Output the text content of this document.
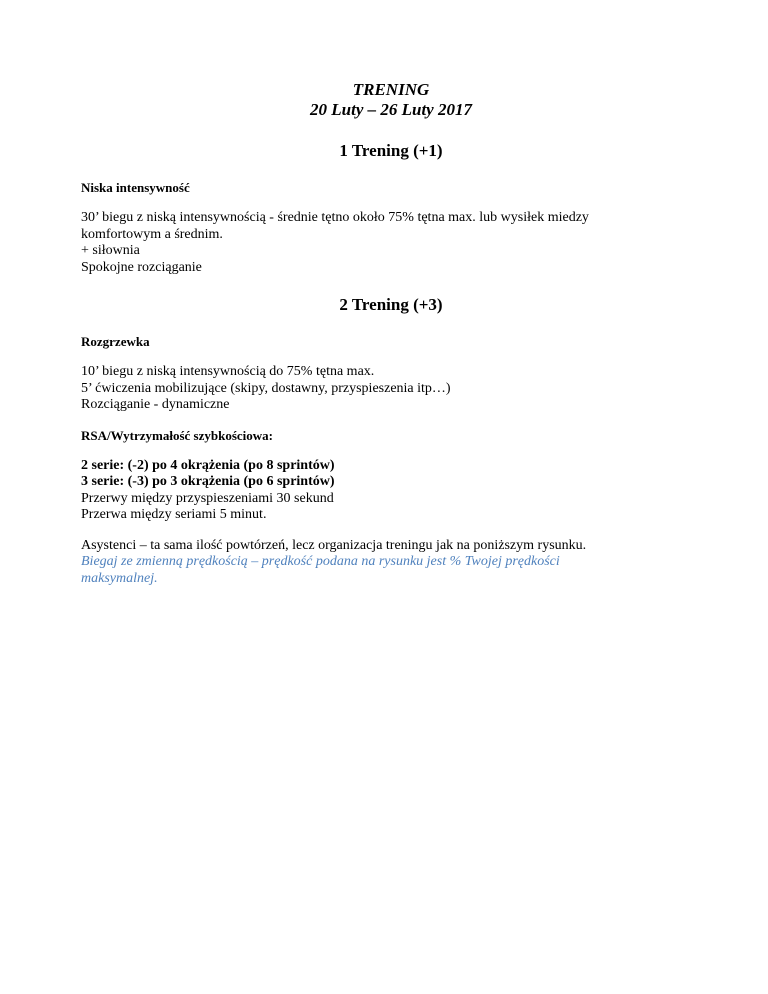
TRENING

20 Luty – 26 Luty 2017

1 Trening (+1)

Niska intensywność

30’ biegu z niską intensywnością - średnie tętno około 75% tętna max. lub wysiłek miedzy

komfortowym a średnim.

+ siłownia

Spokojne rozciąganie

2 Trening (+3)

Rozgrzewka

10’ biegu z niską intensywnością do 75% tętna max.

5’ ćwiczenia mobilizujące (skipy, dostawny, przyspieszenia itp…)

Rozciąganie - dynamiczne

RSA/Wytrzymałość szybkościowa:

2 serie: (-2) po 4 okrążenia (po 8 sprintów)

3 serie: (-3) po 3 okrążenia (po 6 sprintów)

Przerwy między przyspieszeniami 30 sekund

Przerwa między seriami 5 minut.

Asystenci – ta sama ilość powtórzeń, lecz organizacja treningu jak na poniższym rysunku.

Biegaj ze zmienną prędkością – prędkość podana na rysunku jest % Twojej prędkości

maksymalnej.
